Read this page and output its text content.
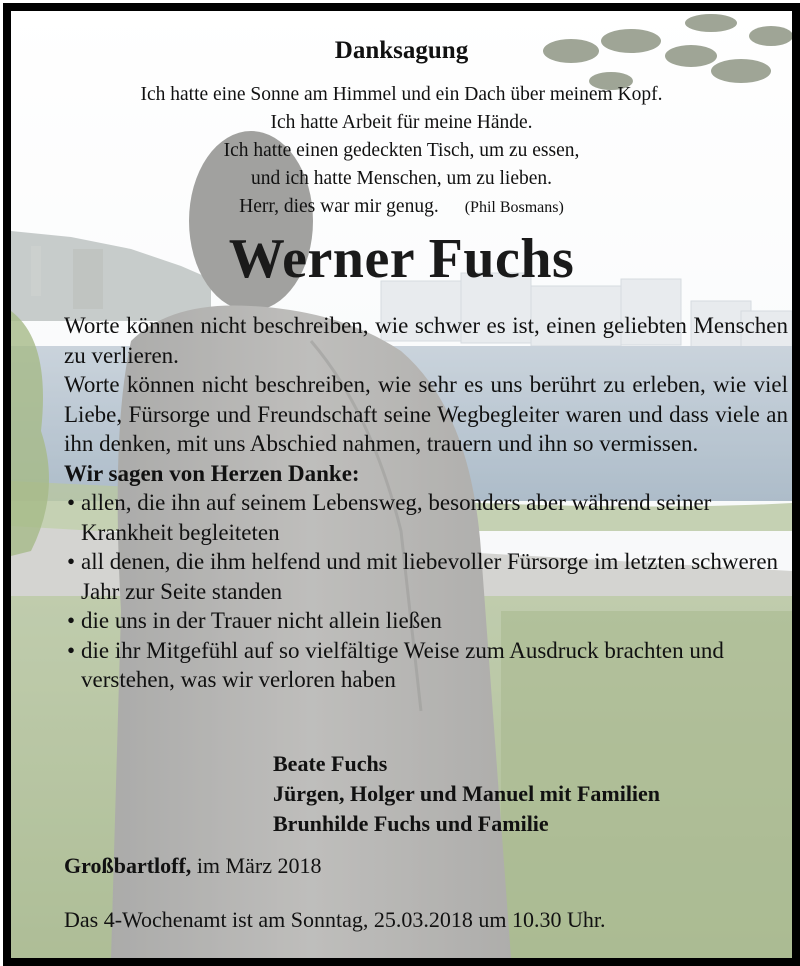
Danksagung
Ich hatte eine Sonne am Himmel und ein Dach über meinem Kopf.
Ich hatte Arbeit für meine Hände.
Ich hatte einen gedeckten Tisch, um zu essen,
und ich hatte Menschen, um zu lieben.
Herr, dies war mir genug. (Phil Bosmans)
Werner Fuchs

Worte können nicht beschreiben, wie schwer es ist, einen geliebten Menschen zu verlieren.

Worte können nicht beschreiben, wie sehr es uns berührt zu erleben, wie viel Liebe, Fürsorge und Freundschaft seine Wegbegleiter waren und dass viele an ihn denken, mit uns Abschied nahmen, trauern und ihn so vermissen.

Wir sagen von Herzen Danke:

• allen, die ihn auf seinem Lebensweg, besonders aber während seiner Krankheit begleiteten
• all denen, die ihm helfend und mit liebevoller Fürsorge im letzten schweren Jahr zur Seite standen
• die uns in der Trauer nicht allein ließen
• die ihr Mitgefühl auf so vielfältige Weise zum Ausdruck brachten und verstehen, was wir verloren haben
Beate Fuchs
Jürgen, Holger und Manuel mit Familien
Brunhilde Fuchs und Familie
Großbartloff, im März 2018
Das 4-Wochenamt ist am Sonntag, 25.03.2018 um 10.30 Uhr.
